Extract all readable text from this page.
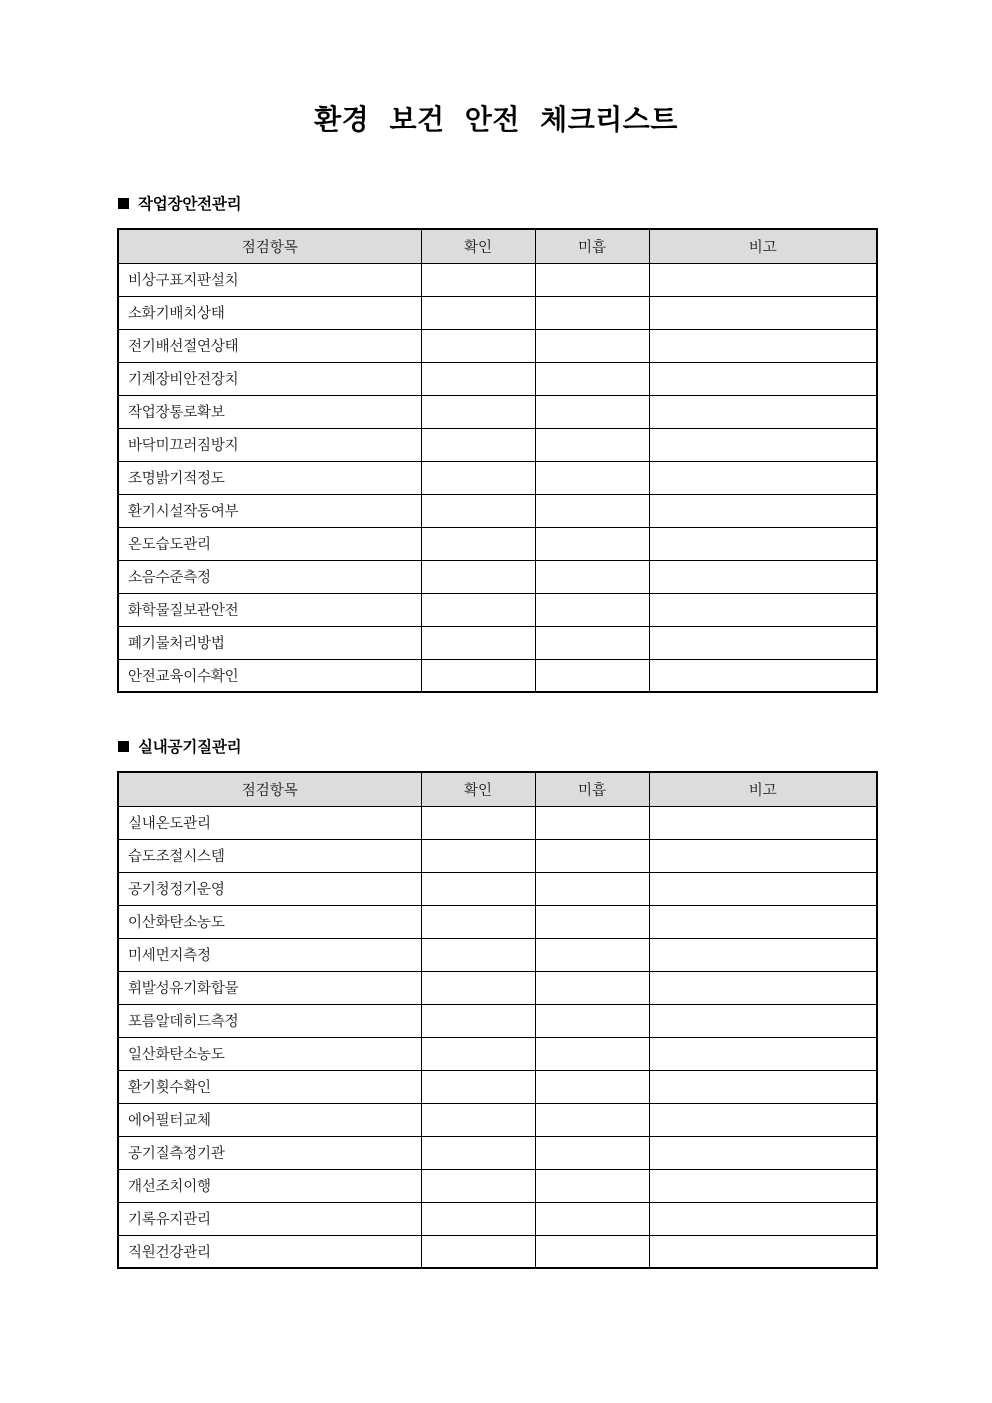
환경 보건 안전 체크리스트
작업장안전관리
점검항목	확인	미흡	비고
비상구표지판설치			
소화기배치상태			
전기배선절연상태			
기계장비안전장치			
작업장통로확보			
바닥미끄러짐방지			
조명밝기적정도			
환기시설작동여부			
온도습도관리			
소음수준측정			
화학물질보관안전			
폐기물처리방법			
안전교육이수확인			
실내공기질관리
점검항목	확인	미흡	비고
실내온도관리			
습도조절시스템			
공기청정기운영			
이산화탄소농도			
미세먼지측정			
휘발성유기화합물			
포름알데히드측정			
일산화탄소농도			
환기횟수확인			
에어필터교체			
공기질측정기관			
개선조치이행			
기록유지관리			
직원건강관리			
